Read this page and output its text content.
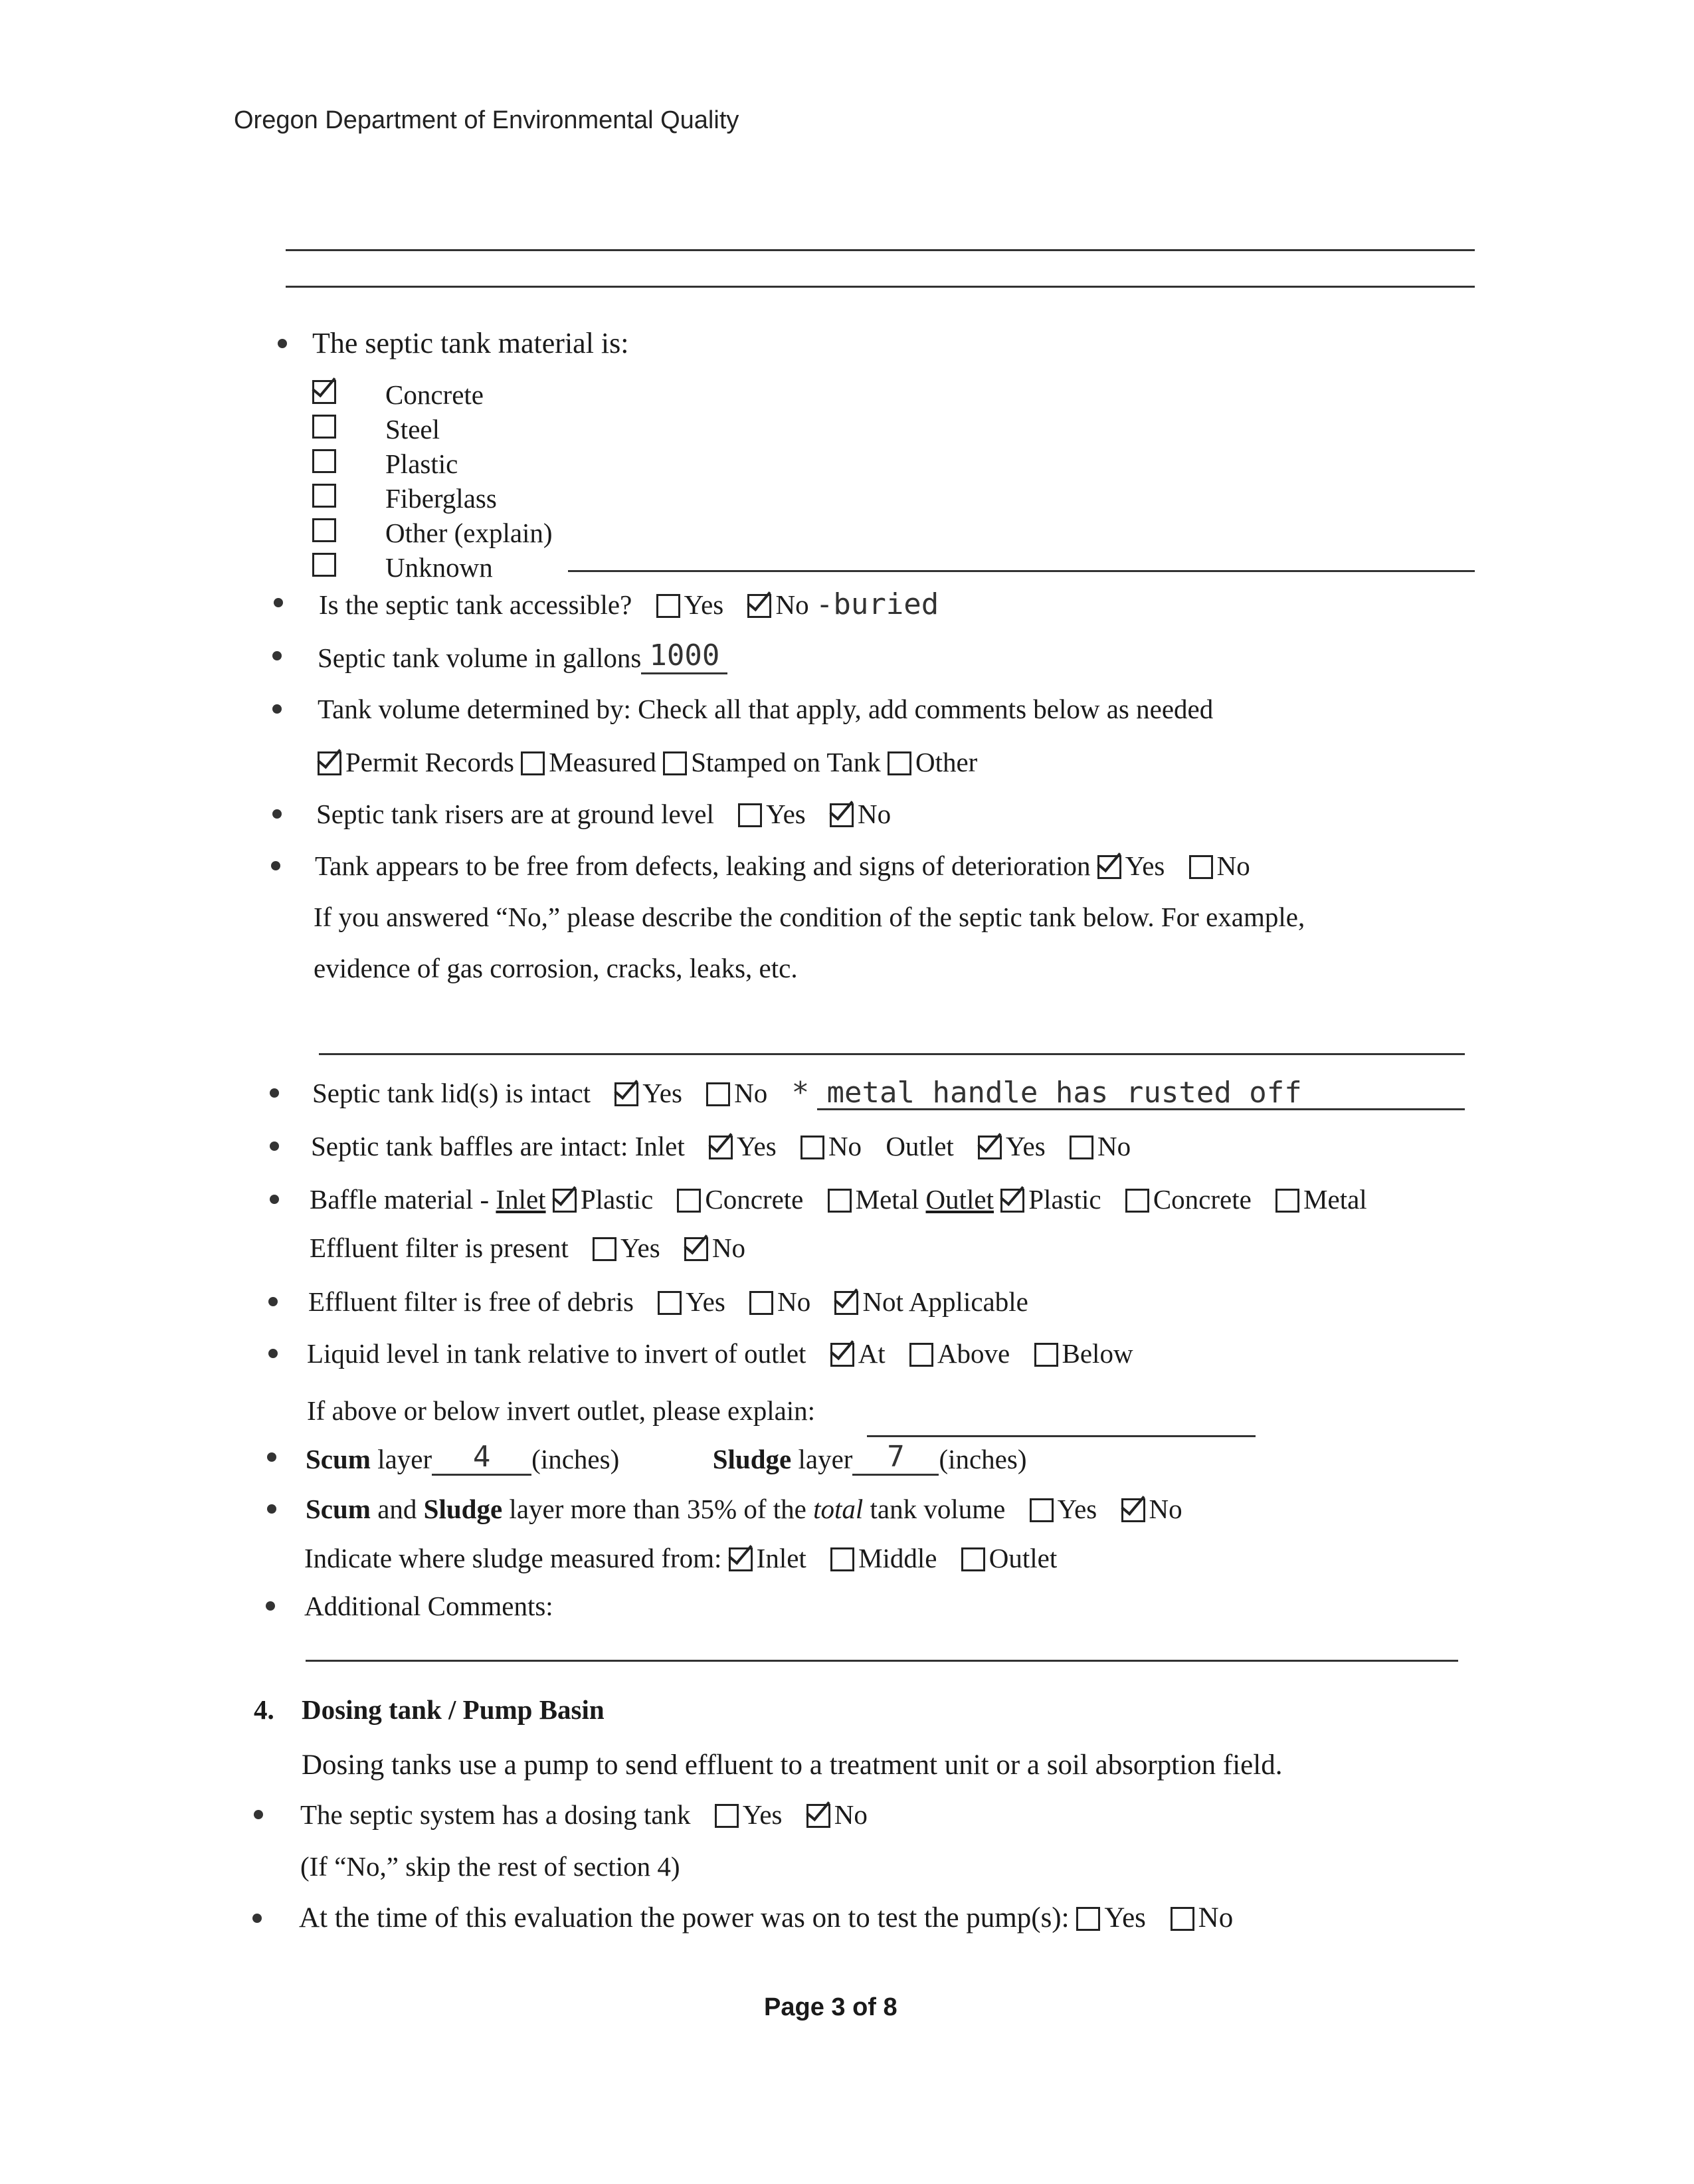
Oregon Department of Environmental Quality
The septic tank material is:
Concrete
Steel
Plastic
Fiberglass
Other (explain)
Unknown
Is the septic tank accessible? Yes No -buried
Septic tank volume in gallons 1000
Tank volume determined by: Check all that apply, add comments below as needed
Permit Records Measured Stamped on Tank Other
Septic tank risers are at ground level Yes No
Tank appears to be free from defects, leaking and signs of deterioration Yes No
If you answered “No,” please describe the condition of the septic tank below. For example,
evidence of gas corrosion, cracks, leaks, etc.
Septic tank lid(s) is intact Yes No * metal handle has rusted off
Septic tank baffles are intact: Inlet Yes No Outlet Yes No
Baffle material - Inlet Plastic Concrete Metal Outlet Plastic Concrete Metal
Effluent filter is present Yes No
Effluent filter is free of debris Yes No Not Applicable
Liquid level in tank relative to invert of outlet At Above Below
If above or below invert outlet, please explain:
Scum layer 4 (inches)	Sludge layer 7 (inches)
Scum and Sludge layer more than 35% of the total tank volume Yes No
Indicate where sludge measured from: Inlet Middle Outlet
Additional Comments:
4. Dosing tank / Pump Basin
Dosing tanks use a pump to send effluent to a treatment unit or a soil absorption field.
The septic system has a dosing tank Yes No
(If “No,” skip the rest of section 4)
At the time of this evaluation the power was on to test the pump(s): Yes No
Page 3 of 8
